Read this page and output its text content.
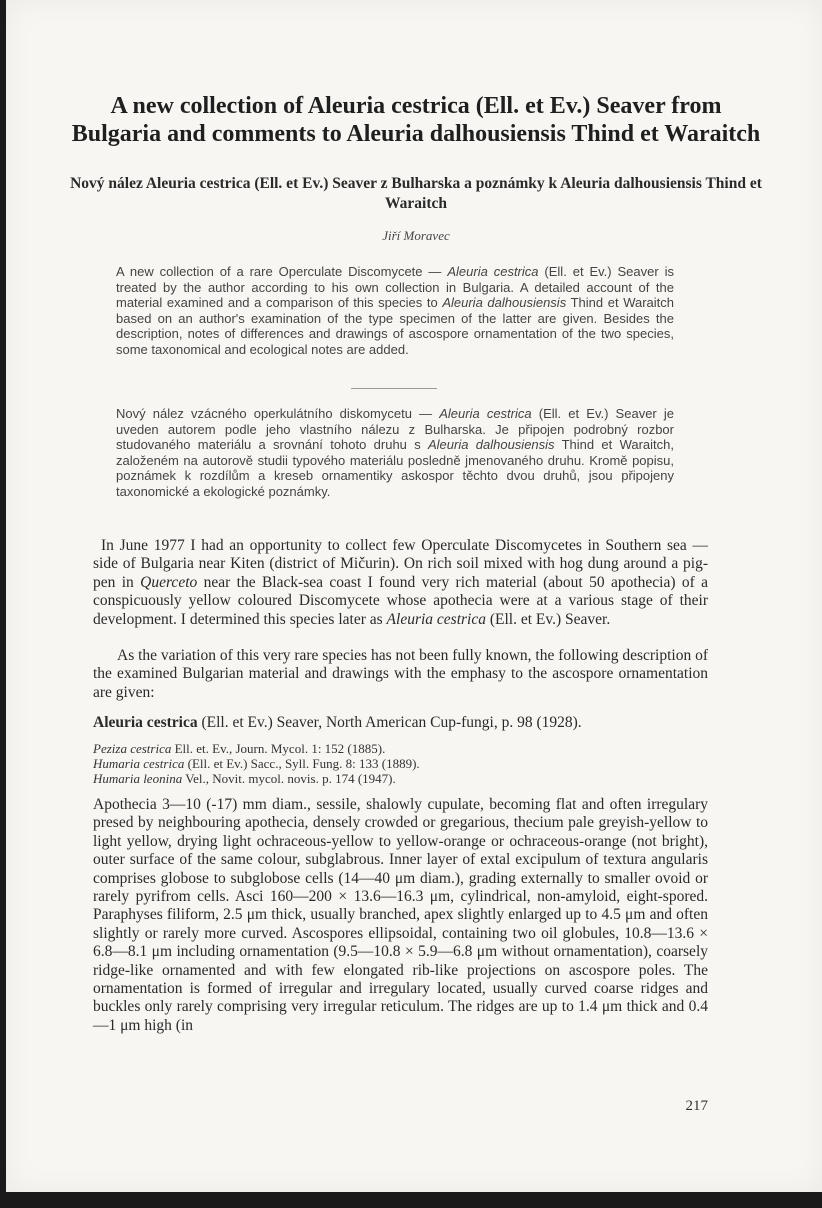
A new collection of Aleuria cestrica (Ell. et Ev.) Seaver from Bulgaria and comments to Aleuria dalhousiensis Thind et Waraitch
Nový nález Aleuria cestrica (Ell. et Ev.) Seaver z Bulharska a poznámky k Aleuria dalhousiensis Thind et Waraitch
Jiří Moravec

A new collection of a rare Operculate Discomycete — Aleuria cestrica (Ell. et Ev.) Seaver is treated by the author according to his own collection in Bulgaria. A detailed account of the material examined and a comparison of this species to Aleuria dalhousiensis Thind et Waraitch based on an author's examination of the type specimen of the latter are given. Besides the description, notes of differences and drawings of ascospore ornamentation of the two species, some taxonomical and ecological notes are added.

Nový nález vzácného operkulátního diskomycetu — Aleuria cestrica (Ell. et Ev.) Seaver je uveden autorem podle jeho vlastního nálezu z Bulharska. Je připojen podrobný rozbor studovaného materiálu a srovnání tohoto druhu s Aleuria dalhousiensis Thind et Waraitch, založeném na autorově studii typového materiálu posledně jmenovaného druhu. Kromě popisu, poznámek k rozdílům a kreseb ornamentiky askospor těchto dvou druhů, jsou připojeny taxonomické a ekologické poznámky.

In June 1977 I had an opportunity to collect few Operculate Discomycetes in Southern sea — side of Bulgaria near Kiten (district of Mičurin). On rich soil mixed with hog dung around a pig-pen in Querceto near the Black-sea coast I found very rich material (about 50 apothecia) of a conspicuously yellow coloured Discomycete whose apothecia were at a various stage of their development. I determined this species later as Aleuria cestrica (Ell. et Ev.) Seaver.

As the variation of this very rare species has not been fully known, the following description of the examined Bulgarian material and drawings with the emphasy to the ascospore ornamentation are given:

Aleuria cestrica (Ell. et Ev.) Seaver, North American Cup-fungi, p. 98 (1928).

Peziza cestrica Ell. et. Ev., Journ. Mycol. 1: 152 (1885).
Humaria cestrica (Ell. et Ev.) Sacc., Syll. Fung. 8: 133 (1889).
Humaria leonina Vel., Novit. mycol. novis. p. 174 (1947).

Apothecia 3—10 (-17) mm diam., sessile, shalowly cupulate, becoming flat and often irregulary presed by neighbouring apothecia, densely crowded or gregarious, thecium pale greyish-yellow to light yellow, drying light ochraceous-yellow to yellow-orange or ochraceous-orange (not bright), outer surface of the same colour, subglabrous. Inner layer of extal excipulum of textura angularis comprises globose to subglobose cells (14—40 μm diam.), grading externally to smaller ovoid or rarely pyrifrom cells. Asci 160—200 × 13.6—16.3 μm, cylindrical, non-amyloid, eight-spored. Paraphyses filiform, 2.5 μm thick, usually branched, apex slightly enlarged up to 4.5 μm and often slightly or rarely more curved. Ascospores ellipsoidal, containing two oil globules, 10.8—13.6 × 6.8—8.1 μm including ornamentation (9.5—10.8 × 5.9—6.8 μm without ornamentation), coarsely ridge-like ornamented and with few elongated rib-like projections on ascospore poles. The ornamentation is formed of irregular and irregulary located, usually curved coarse ridges and buckles only rarely comprising very irregular reticulum. The ridges are up to 1.4 μm thick and 0.4—1 μm high (in

217
